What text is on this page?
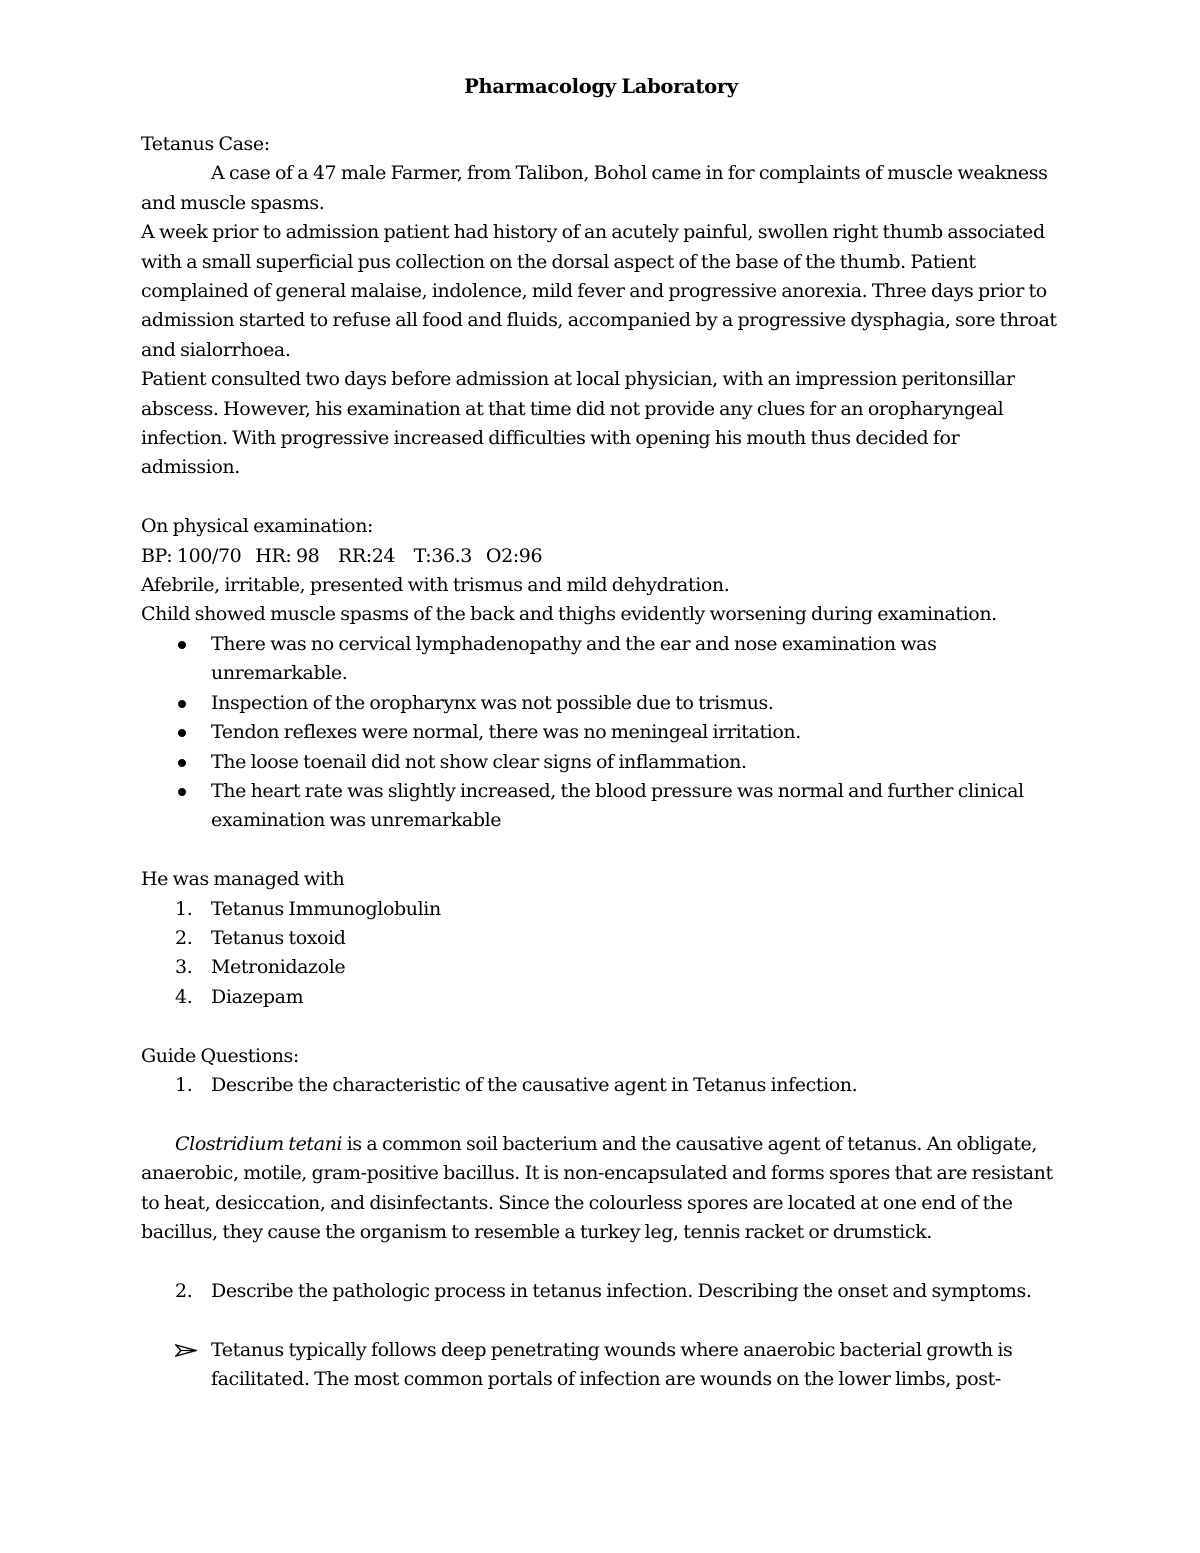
Pharmacology Laboratory

Tetanus Case:

A case of a 47 male Farmer, from Talibon, Bohol came in for complaints of muscle weakness and muscle spasms.

A week prior to admission patient had history of an acutely painful, swollen right thumb associated with a small superficial pus collection on the dorsal aspect of the base of the thumb. Patient complained of general malaise, indolence, mild fever and progressive anorexia. Three days prior to admission started to refuse all food and fluids, accompanied by a progressive dysphagia, sore throat and sialorrhoea.

Patient consulted two days before admission at local physician, with an impression peritonsillar abscess. However, his examination at that time did not provide any clues for an oropharyngeal infection. With progressive increased difficulties with opening his mouth thus decided for admission.

On physical examination:

BP: 100/70   HR: 98    RR:24    T:36.3   O2:96

Afebrile, irritable, presented with trismus and mild dehydration.

Child showed muscle spasms of the back and thighs evidently worsening during examination.

There was no cervical lymphadenopathy and the ear and nose examination was unremarkable.
Inspection of the oropharynx was not possible due to trismus.
Tendon reflexes were normal, there was no meningeal irritation.
The loose toenail did not show clear signs of inflammation.
The heart rate was slightly increased, the blood pressure was normal and further clinical examination was unremarkable

He was managed with

1. Tetanus Immunoglobulin
2. Tetanus toxoid
3. Metronidazole
4. Diazepam

Guide Questions:

1. Describe the characteristic of the causative agent in Tetanus infection.

Clostridium tetani is a common soil bacterium and the causative agent of tetanus. An obligate, anaerobic, motile, gram-positive bacillus. It is non-encapsulated and forms spores that are resistant to heat, desiccation, and disinfectants. Since the colourless spores are located at one end of the bacillus, they cause the organism to resemble a turkey leg, tennis racket or drumstick.

2. Describe the pathologic process in tetanus infection. Describing the onset and symptoms.
Tetanus typically follows deep penetrating wounds where anaerobic bacterial growth is facilitated. The most common portals of infection are wounds on the lower limbs, post-
